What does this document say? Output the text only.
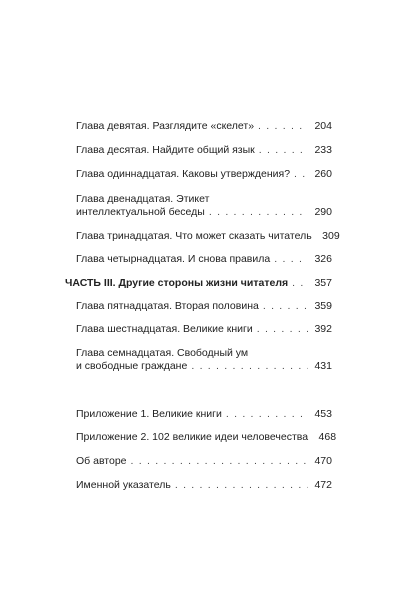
Глава девятая. Разглядите «скелет» . . .	204
Глава десятая. Найдите общий язык . . .	233
Глава одиннадцатая. Каковы утверждения? . . . 260
Глава двенадцатая. Этикет
интеллектуальной беседы . . .	290
Глава тринадцатая. Что может сказать читатель 309
Глава четырнадцатая. И снова правила . . .	326
ЧАСТЬ III. Другие стороны жизни читателя . . .	357
Глава пятнадцатая. Вторая половина . . .	359
Глава шестнадцатая. Великие книги . . .	392
Глава семнадцатая. Свободный ум
и свободные граждане . . .	431
Приложение 1. Великие книги . . .	453
Приложение 2. 102 великие идеи человечества 468
Об авторе . . .	470
Именной указатель . . .	472
